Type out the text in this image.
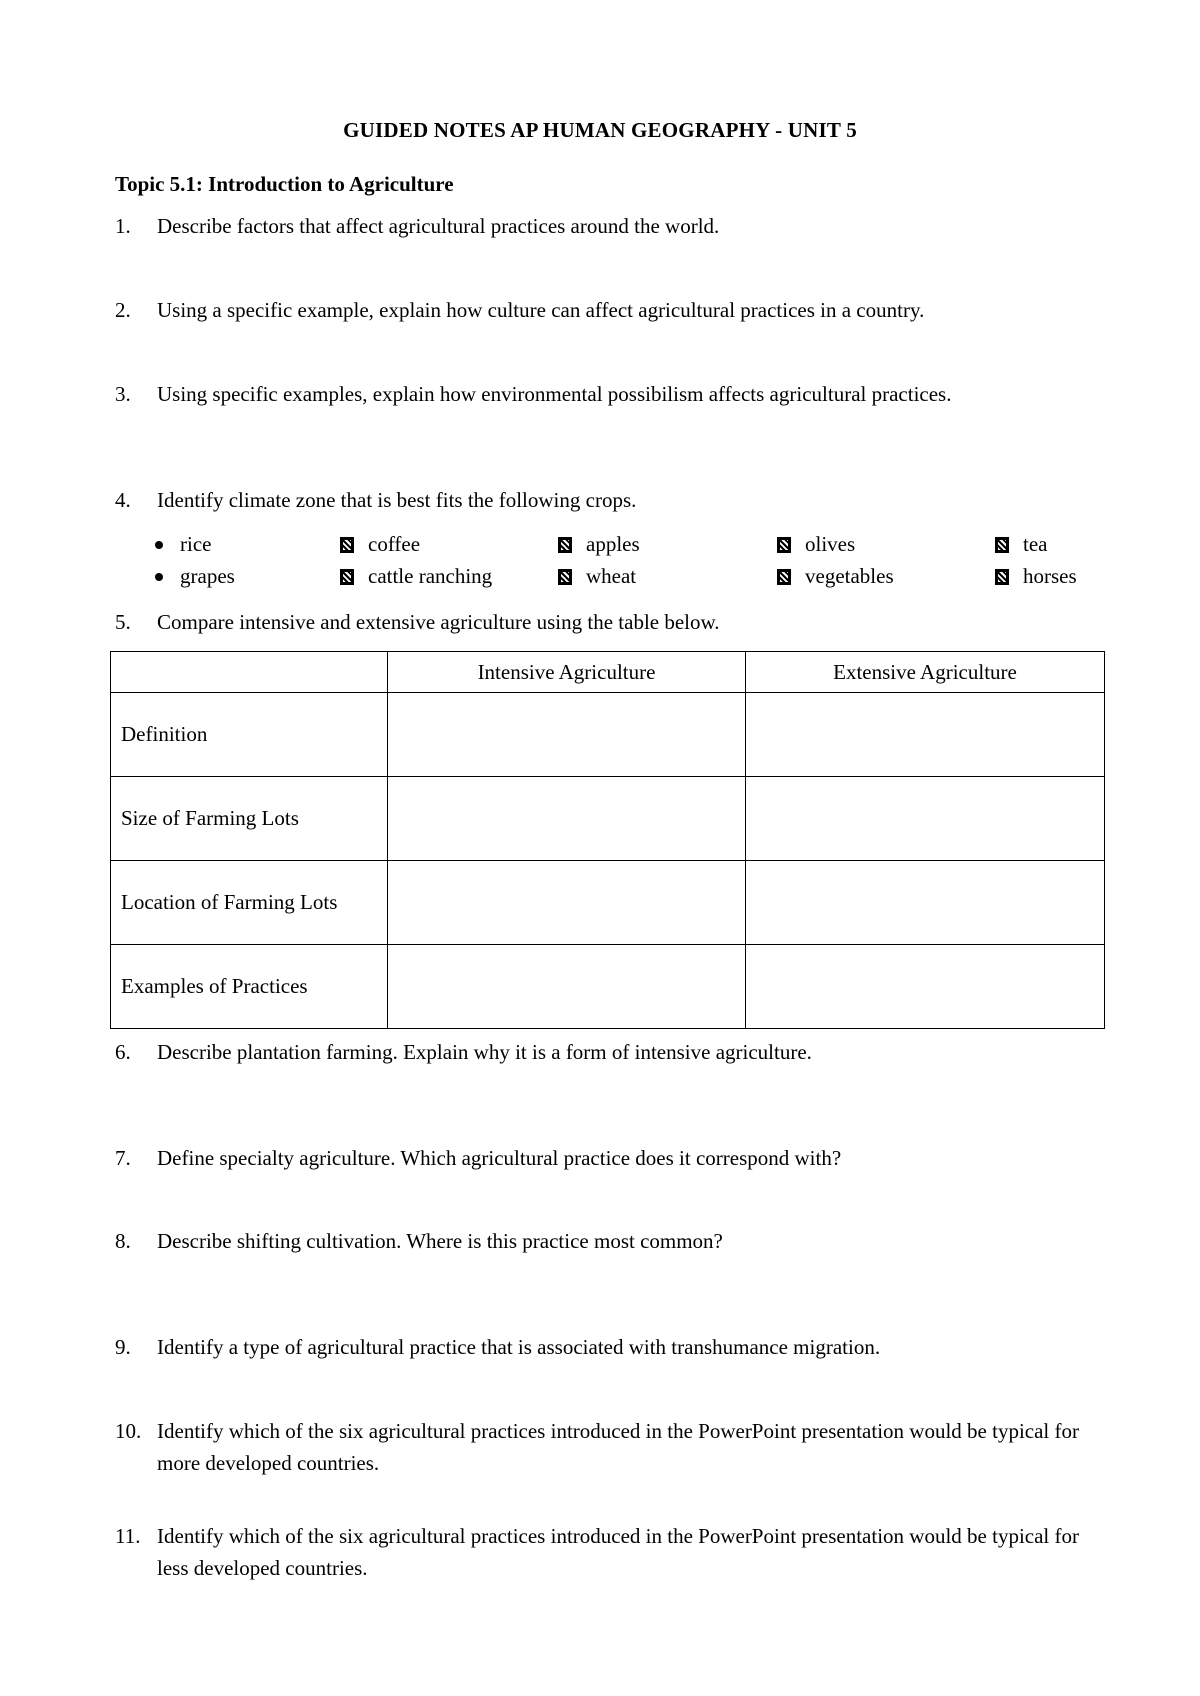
GUIDED NOTES AP HUMAN GEOGRAPHY - UNIT 5
Topic 5.1: Introduction to Agriculture
1.	Describe factors that affect agricultural practices around the world.
2.	Using a specific example, explain how culture can affect agricultural practices in a country.
3.	Using specific examples, explain how environmental possibilism affects agricultural practices.
4.	Identify climate zone that is best fits the following crops.
rice	coffee	apples	olives	tea
grapes	cattle ranching	wheat	vegetables	horses
5.	Compare intensive and extensive agriculture using the table below.
	Intensive Agriculture	Extensive Agriculture
Definition		
Size of Farming Lots		
Location of Farming Lots		
Examples of Practices		
6.	Describe plantation farming. Explain why it is a form of intensive agriculture.
7.	Define specialty agriculture. Which agricultural practice does it correspond with?
8.	Describe shifting cultivation. Where is this practice most common?
9.	Identify a type of agricultural practice that is associated with transhumance migration.
10. Identify which of the six agricultural practices introduced in the PowerPoint presentation would be typical for more developed countries.
11. Identify which of the six agricultural practices introduced in the PowerPoint presentation would be typical for less developed countries.
